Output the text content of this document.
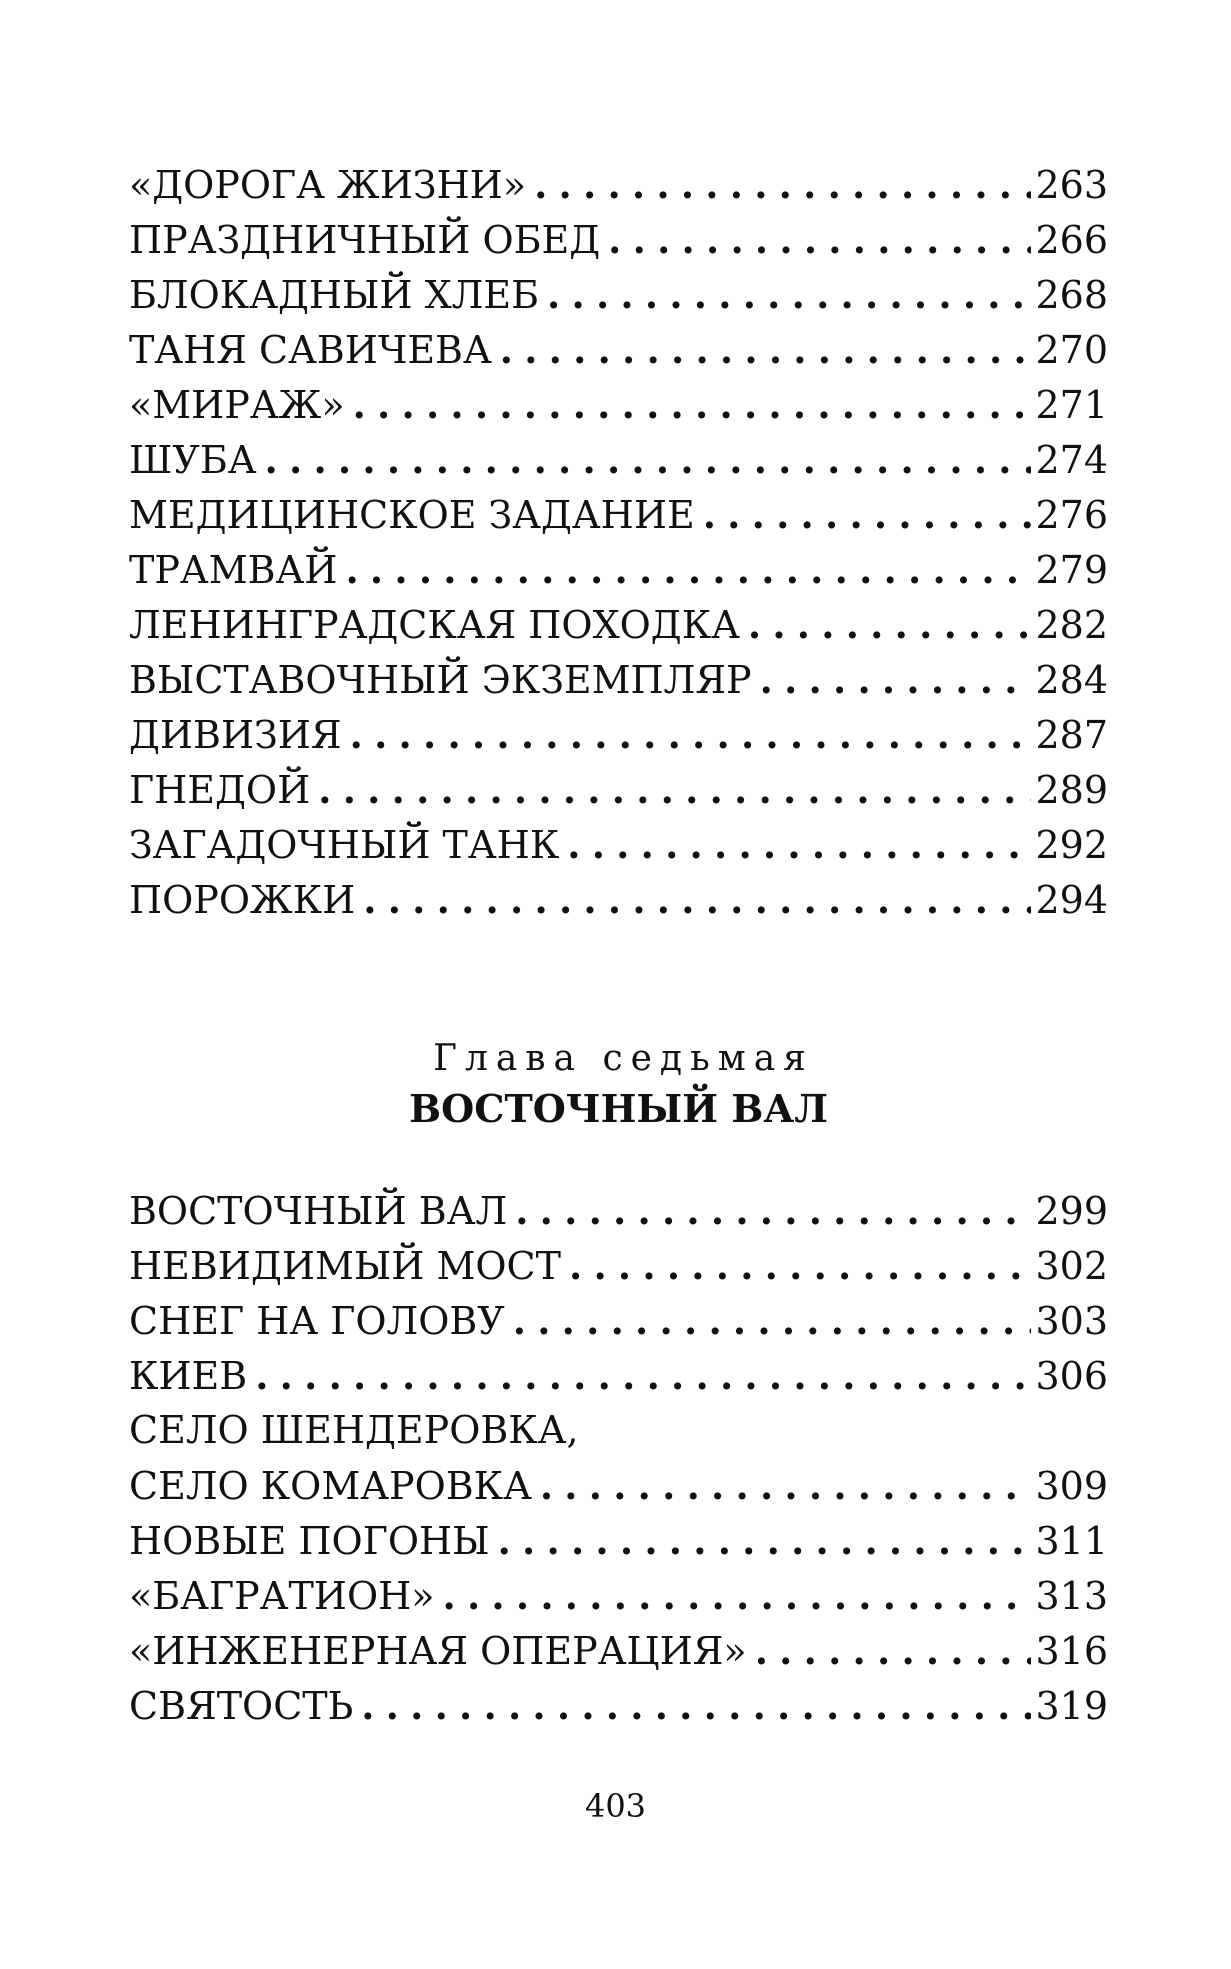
«ДОРОГА ЖИЗНИ» . . .	263
ПРАЗДНИЧНЫЙ ОБЕД . . .	266
БЛОКАДНЫЙ ХЛЕБ . . .	268
ТАНЯ САВИЧЕВА . . .	270
«МИРАЖ» . . .	271
ШУБА . . .	274
МЕДИЦИНСКОЕ ЗАДАНИЕ . . .	276
ТРАМВАЙ . . .	279
ЛЕНИНГРАДСКАЯ ПОХОДКА . . .	282
ВЫСТАВОЧНЫЙ ЭКЗЕМПЛЯР . . .	284
ДИВИЗИЯ . . .	287
ГНЕДОЙ . . .	289
ЗАГАДОЧНЫЙ ТАНК . . .	292
ПОРОЖКИ . . .	294
Глава седьмая
ВОСТОЧНЫЙ ВАЛ
ВОСТОЧНЫЙ ВАЛ . . .	299
НЕВИДИМЫЙ МОСТ . . .	302
СНЕГ НА ГОЛОВУ . . .	303
КИЕВ . . .	306
СЕЛО ШЕНДЕРОВКА,
СЕЛО КОМАРОВКА . . .	309
НОВЫЕ ПОГОНЫ . . .	311
«БАГРАТИОН» . . .	313
«ИНЖЕНЕРНАЯ ОПЕРАЦИЯ» . . .	316
СВЯТОСТЬ . . .	319
403
